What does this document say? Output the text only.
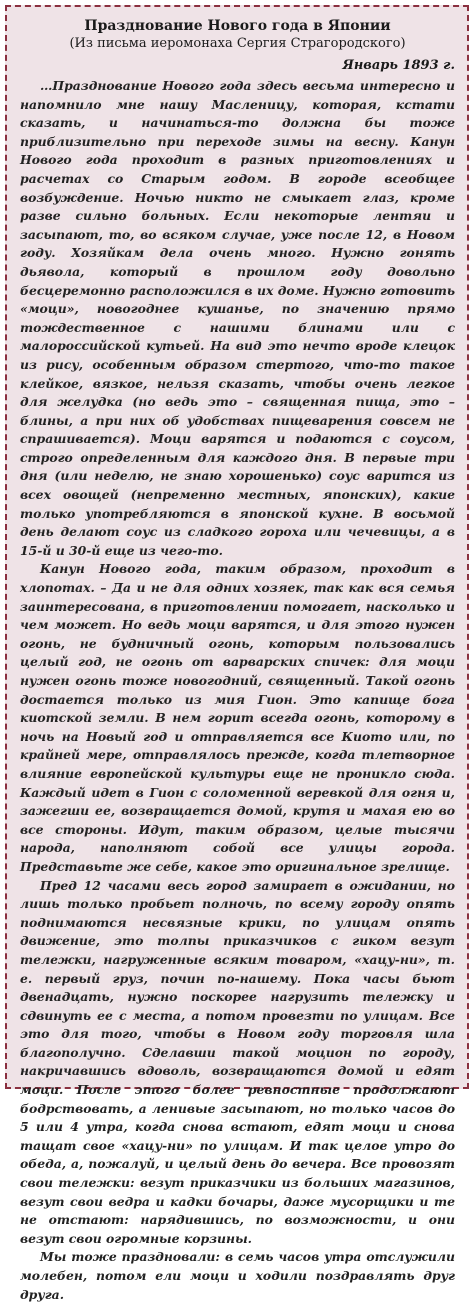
Празднование Нового года в Японии
(Из письма иеромонаха Сергия Страгородского)
Январь 1893 г.

…Празднование Нового года здесь весьма интересно и напомнило мне нашу Масленицу, которая, кстати сказать, и начинаться-то должна бы тоже приблизительно при переходе зимы на весну. Канун Нового года проходит в разных приготовлениях и расчетах со Старым годом. В городе всеобщее возбуждение. Ночью никто не смыкает глаз, кроме разве сильно больных. Если некоторые лентяи и засыпают, то, во всяком случае, уже после 12, в Новом году. Хозяйкам дела очень много. Нужно гонять дьявола, который в прошлом году довольно бесцеремонно расположился в их доме. Нужно готовить «моци», новогоднее кушанье, по значению прямо тождественное с нашими блинами или с малороссийской кутьей. На вид это нечто вроде клецок из рису, особенным образом стертого, что-то такое клейкое, вязкое, нельзя сказать, чтобы очень легкое для желудка (но ведь это – священная пища, это – блины, а при них об удобствах пищеварения совсем не спрашивается). Моци варятся и подаются с соусом, строго определенным для каждого дня. В первые три дня (или неделю, не знаю хорошенько) соус варится из всех овощей (непременно местных, японских), какие только употребляются в японской кухне. В восьмой день делают соус из сладкого гороха или чечевицы, а в 15-й и 30-й еще из чего-то.

Канун Нового года, таким образом, проходит в хлопотах. – Да и не для одних хозяек, так как вся семья заинтересована, в приготовлении помогает, насколько и чем может. Но ведь моци варятся, и для этого нужен огонь, не будничный огонь, которым пользовались целый год, не огонь от варварских спичек: для моци нужен огонь тоже новогодний, священный. Такой огонь достается только из мия Гион. Это капище бога киотской земли. В нем горит всегда огонь, которому в ночь на Новый год и отправляется все Киото или, по крайней мере, отправлялось прежде, когда тлетворное влияние европейской культуры еще не проникло сюда. Каждый идет в Гион с соломенной веревкой для огня и, зажегши ее, возвращается домой, крутя и махая ею во все стороны. Идут, таким образом, целые тысячи народа, наполняют собой все улицы города. Представьте же себе, какое это оригинальное зрелище.

Пред 12 часами весь город замирает в ожидании, но лишь только пробьет полночь, по всему городу опять поднимаются несвязные крики, по улицам опять движение, это толпы приказчиков с гиком везут тележки, нагруженные всяким товаром, «хацу-ни», т. е. первый груз, почин по-нашему. Пока часы бьют двенадцать, нужно поскорее нагрузить тележку и сдвинуть ее с места, а потом провезти по улицам. Все это для того, чтобы в Новом году торговля шла благополучно. Сделавши такой моцион по городу, накричавшись вдоволь, возвращаются домой и едят моци. После этого более ревностные продолжают бодрствовать, а ленивые засыпают, но только часов до 5 или 4 утра, когда снова встают, едят моци и снова тащат свое «хацу-ни» по улицам. И так целое утро до обеда, а, пожалуй, и целый день до вечера. Все провозят свои тележки: везут приказчики из больших магазинов, везут свои ведра и кадки бочары, даже мусорщики и те не отстают: нарядившись, по возможности, и они везут свои огромные корзины.

Мы тоже праздновали: в семь часов утра отслужили молебен, потом ели моци и ходили поздравлять друг друга.
